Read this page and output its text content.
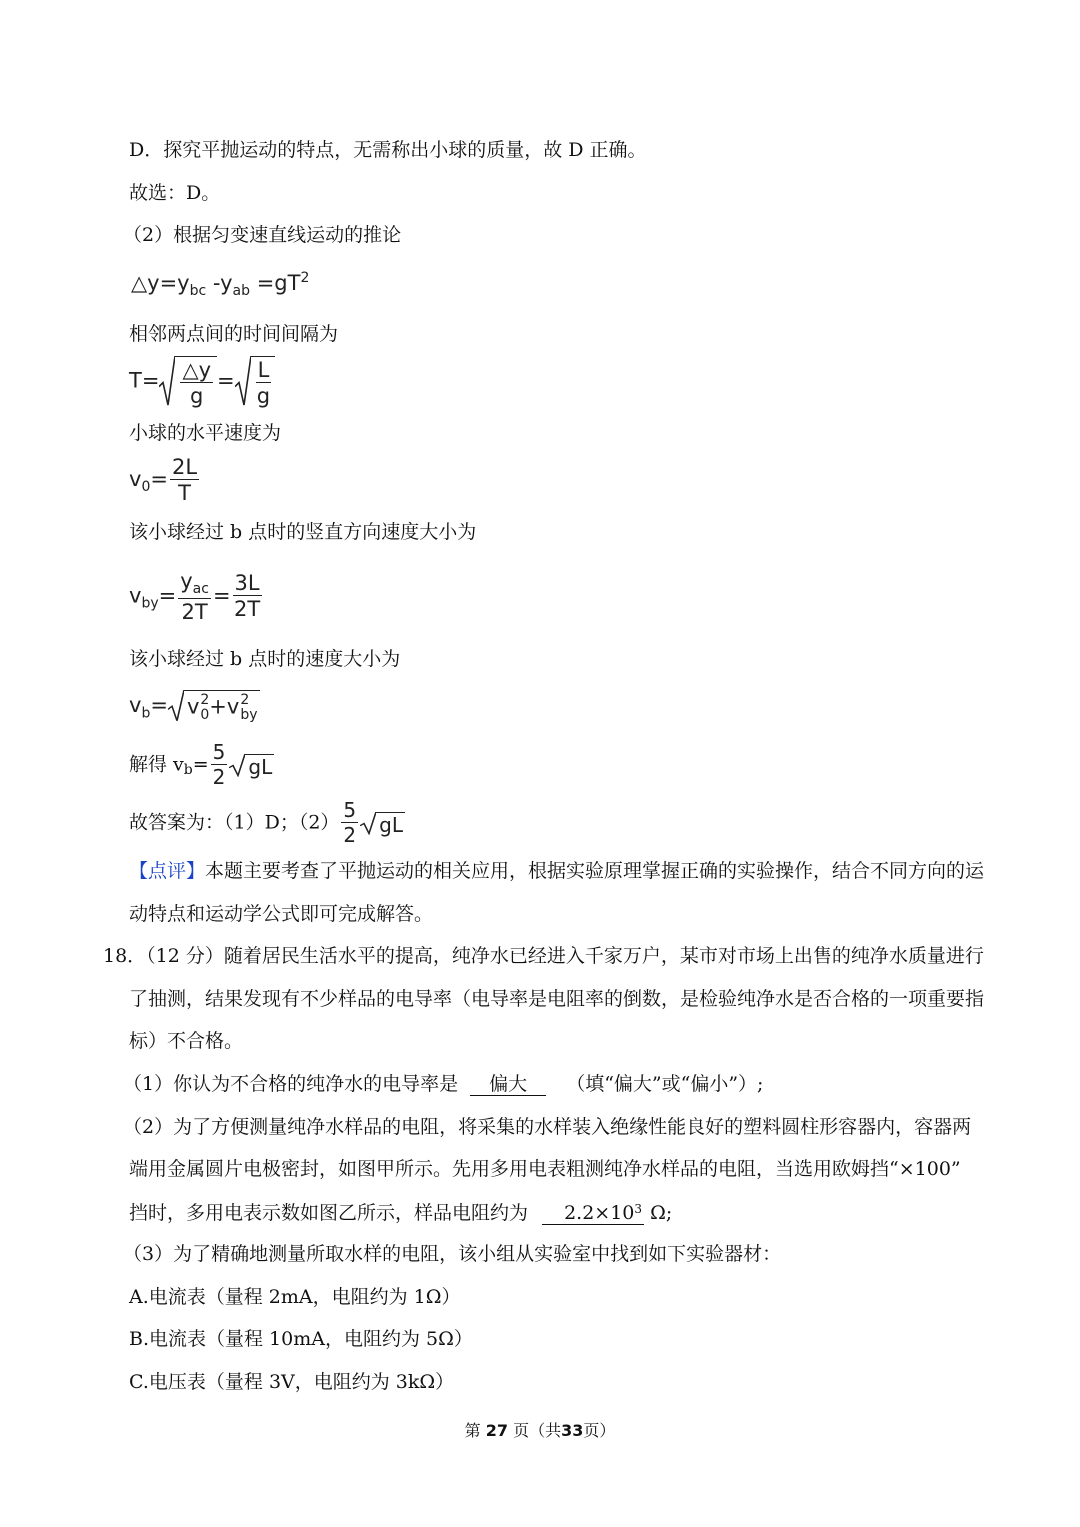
D．探究平抛运动的特点，无需称出小球的质量，故 D 正确。
故选：D。
（2）根据匀变速直线运动的推论
$\triangle y=y_{bc}$ $-y_{ab} =gT^2$
相邻两点间的时间间隔为
$T= \frac{\triangle y}{g} = \frac{L}{g}$
小球的水平速度为
$v_0= \frac{2L}{T}$
该小球经过 b 点时的竖直方向速度大小为
$v_{by}= \frac{y_{ac}}{2T} = \frac{3L}{2T}$
该小球经过 b 点时的速度大小为
$v_b= v$ 2
0 +v 2
by
解得 $v_b= \frac{5}{2}$ gL
故答案为：（1）D；$(2) \frac{5}{2}$ gL
【点评】本题主要考查了平抛运动的相关应用，根据实验原理掌握正确的实验操作，结合不同方向的运
动特点和运动学公式即可完成解答。
18．（12 分）随着居民生活水平的提高，纯净水已经进入千家万户，某市对市场上出售的纯净水质量进行
了抽测，结果发现有不少样品的电导率（电导率是电阻率的倒数，是检验纯净水是否合格的一项重要指
标）不合格。
（1）你认为不合格的纯净水的电导率是 偏大 （填“偏大”或“偏小”）;
（2）为了方便测量纯净水样品的电阻，将采集的水样装入绝缘性能良好的塑料圆柱形容器内，容器两
端用金属圆片电极密封，如图甲所示。先用多用电表粗测纯净水样品的电阻，当选用欧姆挡“×100”
挡时，多用电表示数如图乙所示，样品电阻约为 $2.2\times 10^3$ Ω;
（3）为了精确地测量所取水样的电阻，该小组从实验室中找到如下实验器材：
A.电流表（量程 2mA，电阻约为 1Ω）
B.电流表（量程 10mA，电阻约为 5Ω）
C.电压表（量程 3V，电阻约为 3kΩ）
第 27 页（共33页）
